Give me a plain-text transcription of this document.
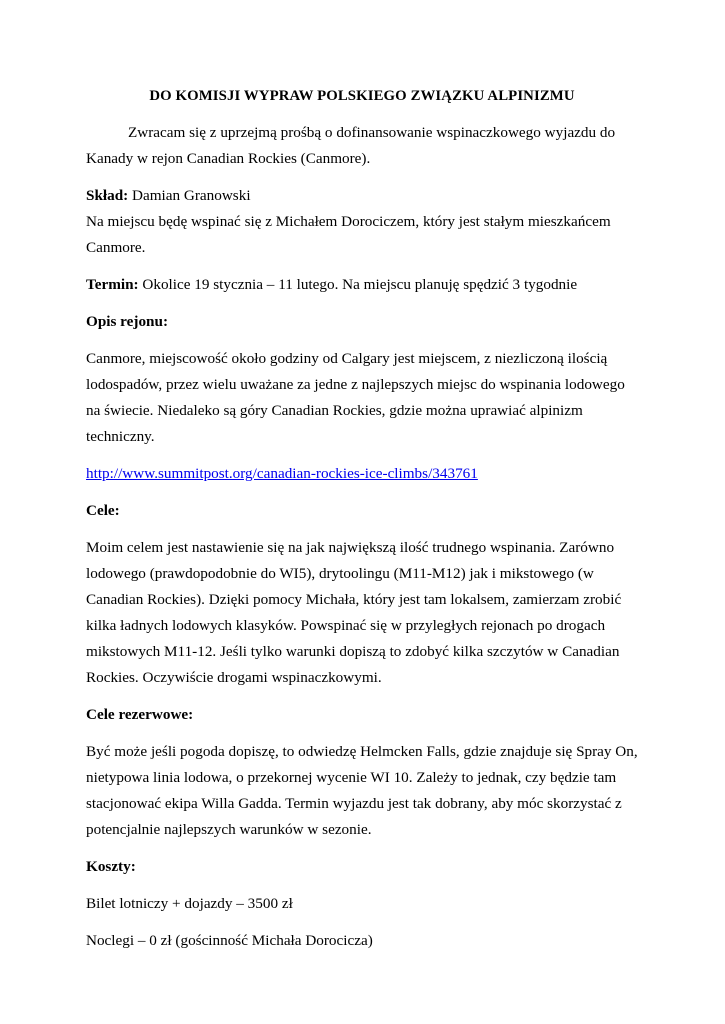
DO KOMISJI WYPRAW POLSKIEGO ZWIĄZKU ALPINIZMU

Zwracam się z uprzejmą prośbą o dofinansowanie wspinaczkowego wyjazdu do Kanady w rejon Canadian Rockies (Canmore).

Skład: Damian Granowski

Na miejscu będę wspinać się z Michałem Dorociczem, który jest stałym mieszkańcem Canmore.

Termin: Okolice 19 stycznia – 11 lutego. Na miejscu planuję spędzić 3 tygodnie

Opis rejonu:

Canmore, miejscowość około godziny od Calgary jest miejscem, z niezliczoną ilością lodospadów, przez wielu uważane za jedne z najlepszych miejsc do wspinania lodowego na świecie. Niedaleko są góry Canadian Rockies, gdzie można uprawiać alpinizm techniczny.

http://www.summitpost.org/canadian-rockies-ice-climbs/343761

Cele:

Moim celem jest nastawienie się na jak największą ilość trudnego wspinania. Zarówno lodowego (prawdopodobnie do WI5), drytoolingu (M11-M12) jak i mikstowego (w Canadian Rockies). Dzięki pomocy Michała, który jest tam lokalsem, zamierzam zrobić kilka ładnych lodowych klasyków. Powspinać się w przyległych rejonach po drogach mikstowych M11-12. Jeśli tylko warunki dopiszą to zdobyć kilka szczytów w Canadian Rockies. Oczywiście drogami wspinaczkowymi.

Cele rezerwowe:

Być może jeśli pogoda dopiszę, to odwiedzę Helmcken Falls, gdzie znajduje się Spray On, nietypowa linia lodowa, o przekornej wycenie WI 10. Zależy to jednak, czy będzie tam stacjonować ekipa Willa Gadda. Termin wyjazdu jest tak dobrany, aby móc skorzystać z potencjalnie najlepszych warunków w sezonie.

Koszty:

Bilet lotniczy + dojazdy – 3500 zł

Noclegi – 0 zł (gościnność Michała Dorocicza)
